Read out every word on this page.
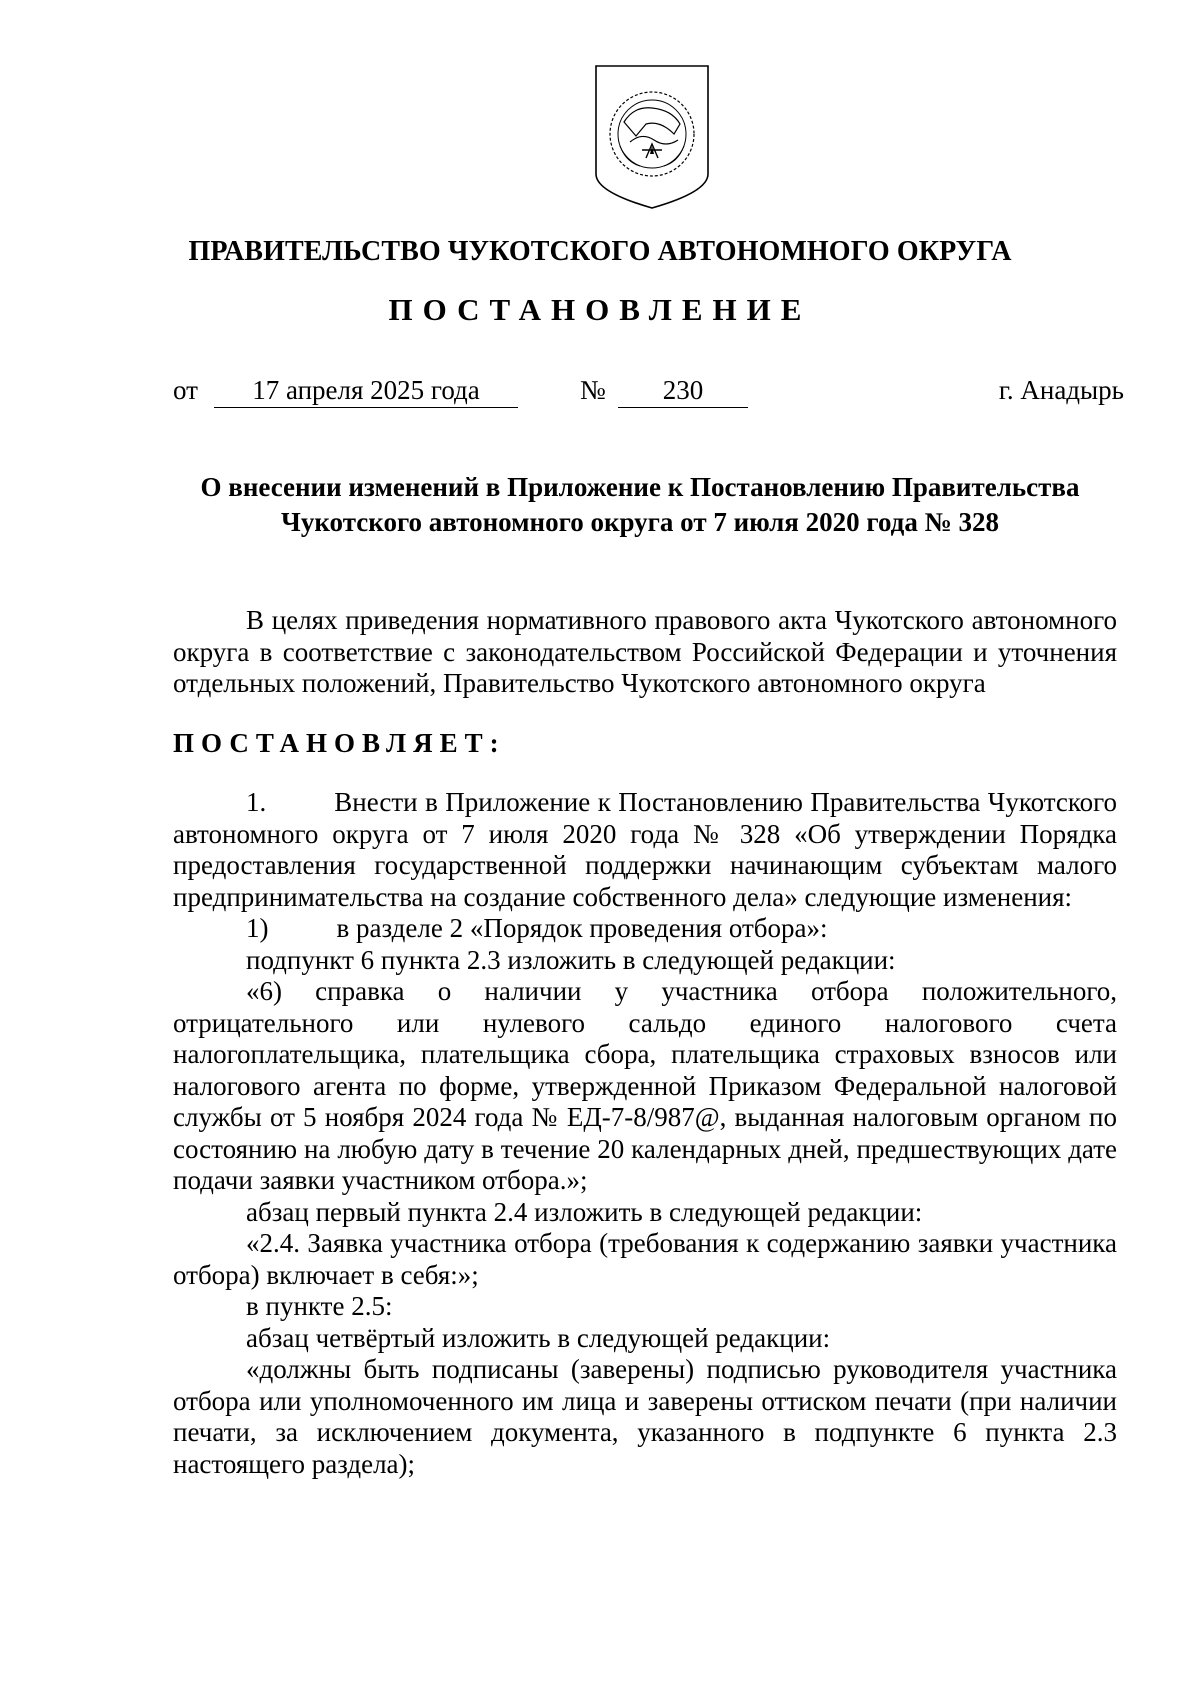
ПРАВИТЕЛЬСТВО ЧУКОТСКОГО АВТОНОМНОГО ОКРУГА
ПОСТАНОВЛЕНИЕ
от	17 апреля 2025 года	№	230	г. Анадырь
О внесении изменений в Приложение к Постановлению Правительства
Чукотского автономного округа от 7 июля 2020 года № 328

В целях приведения нормативного правового акта Чукотского автономного округа в соответствие с законодательством Российской Федерации и уточнения отдельных положений, Правительство Чукотского автономного округа

ПОСТАНОВЛЯЕТ:

1.	Внести в Приложение к Постановлению Правительства Чукотского автономного округа от 7 июля 2020 года № 328 «Об утверждении Порядка предоставления государственной поддержки начинающим субъектам малого предпринимательства на создание собственного дела» следующие изменения:

1)	в разделе 2 «Порядок проведения отбора»:

подпункт 6 пункта 2.3 изложить в следующей редакции:

«6) справка о наличии у участника отбора положительного, отрицательного или нулевого сальдо единого налогового счета налогоплательщика, плательщика сбора, плательщика страховых взносов или налогового агента по форме, утвержденной Приказом Федеральной налоговой службы от 5 ноября 2024 года № ЕД-7-8/987@, выданная налоговым органом по состоянию на любую дату в течение 20 календарных дней, предшествующих дате подачи заявки участником отбора.»;

абзац первый пункта 2.4 изложить в следующей редакции:

«2.4. Заявка участника отбора (требования к содержанию заявки участника отбора) включает в себя:»;

в пункте 2.5:

абзац четвёртый изложить в следующей редакции:

«должны быть подписаны (заверены) подписью руководителя участника отбора или уполномоченного им лица и заверены оттиском печати (при наличии печати, за исключением документа, указанного в подпункте 6 пункта 2.3 настоящего раздела);
